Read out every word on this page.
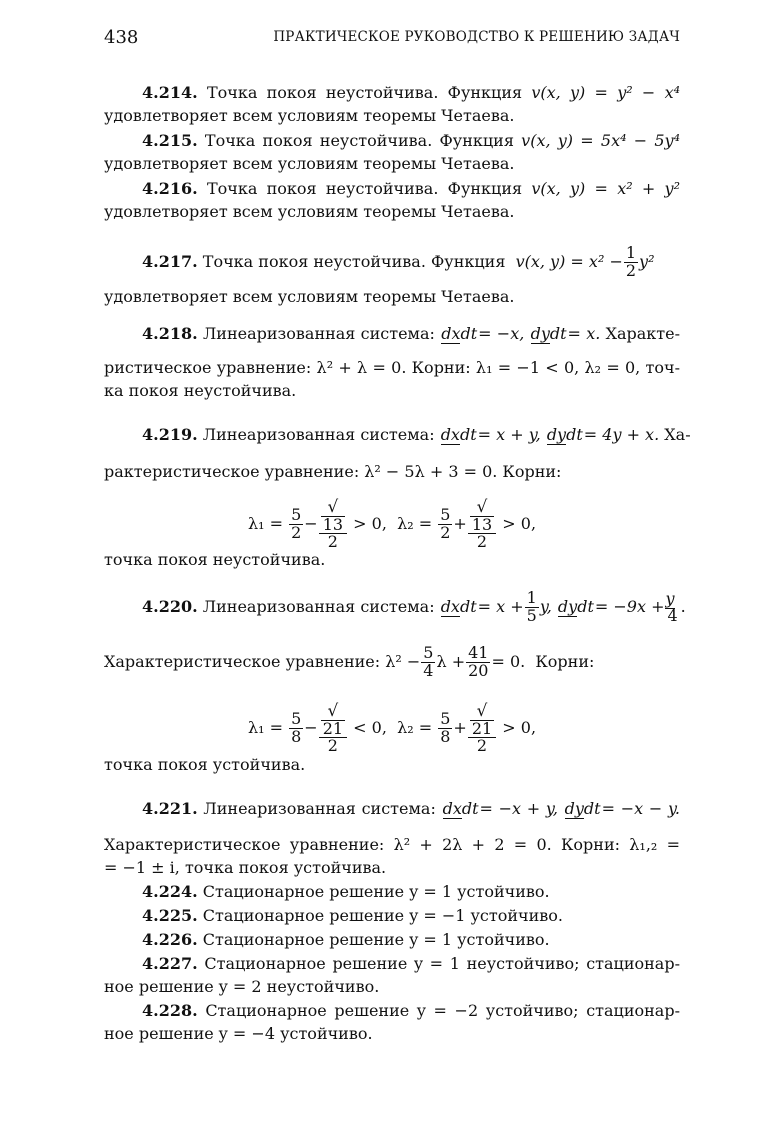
438	ПРАКТИЧЕСКОЕ РУКОВОДСТВО К РЕШЕНИЮ ЗАДАЧ
4.214. Точка покоя неустойчива. Функция v(x, y) = y² − x⁴
удовлетворяет всем условиям теоремы Четаева.
4.215. Точка покоя неустойчива. Функция v(x, y) = 5x⁴ − 5y⁴
удовлетворяет всем условиям теоремы Четаева.
4.216. Точка покоя неустойчива. Функция v(x, y) = x² + y²
удовлетворяет всем условиям теоремы Четаева.
4.217. Точка покоя неустойчива. Функция v(x, $y) = x^2 - \frac{1}{2} y^2$
удовлетворяет всем условиям теоремы Четаева.
4.218. Линеаризованная система: dxdt= −x, dydt= x. Характе-
ристическое уравнение: λ² + λ = 0. Корни: λ₁ = −1 < 0, λ₂ = 0, точ-
ка покоя неустойчива.
4.219. Линеаризованная система: dxdt= x + y, dydt= 4y + x. Ха-
рактеристическое уравнение: λ² − 5λ + 3 = 0. Корни:
$\lambda_1 = \frac{5}{2}$ − √
13
2 > 0, $\lambda_2 = \frac{5}{2}$ + √
13
2 > 0,
точка покоя неустойчива.
4.220. Линеаризованная система: dxdt= $x + \frac{1}{5} y$, dydt= $-9x +\frac{y}{4}$ .
Характеристическое уравнение: $\lambda^2 - \frac{5}{4}$ $\lambda + \frac{41}{20} = 0$. Корни:
$\lambda_1 = \frac{5}{8}$ − √
21
2 < 0, $\lambda_2 = \frac{5}{8}$ + √
21
2 > 0,
точка покоя устойчива.
4.221. Линеаризованная система: dxdt= −x + y, dydt= −x − y.
Характеристическое уравнение: λ² + 2λ + 2 = 0. Корни: λ₁,₂ =
= −1 ± i, точка покоя устойчива.
4.224. Стационарное решение y = 1 устойчиво.
4.225. Стационарное решение y = −1 устойчиво.
4.226. Стационарное решение y = 1 устойчиво.
4.227. Стационарное решение y = 1 неустойчиво; стационар-
ное решение y = 2 неустойчиво.
4.228. Стационарное решение y = −2 устойчиво; стационар-
ное решение y = −4 устойчиво.
